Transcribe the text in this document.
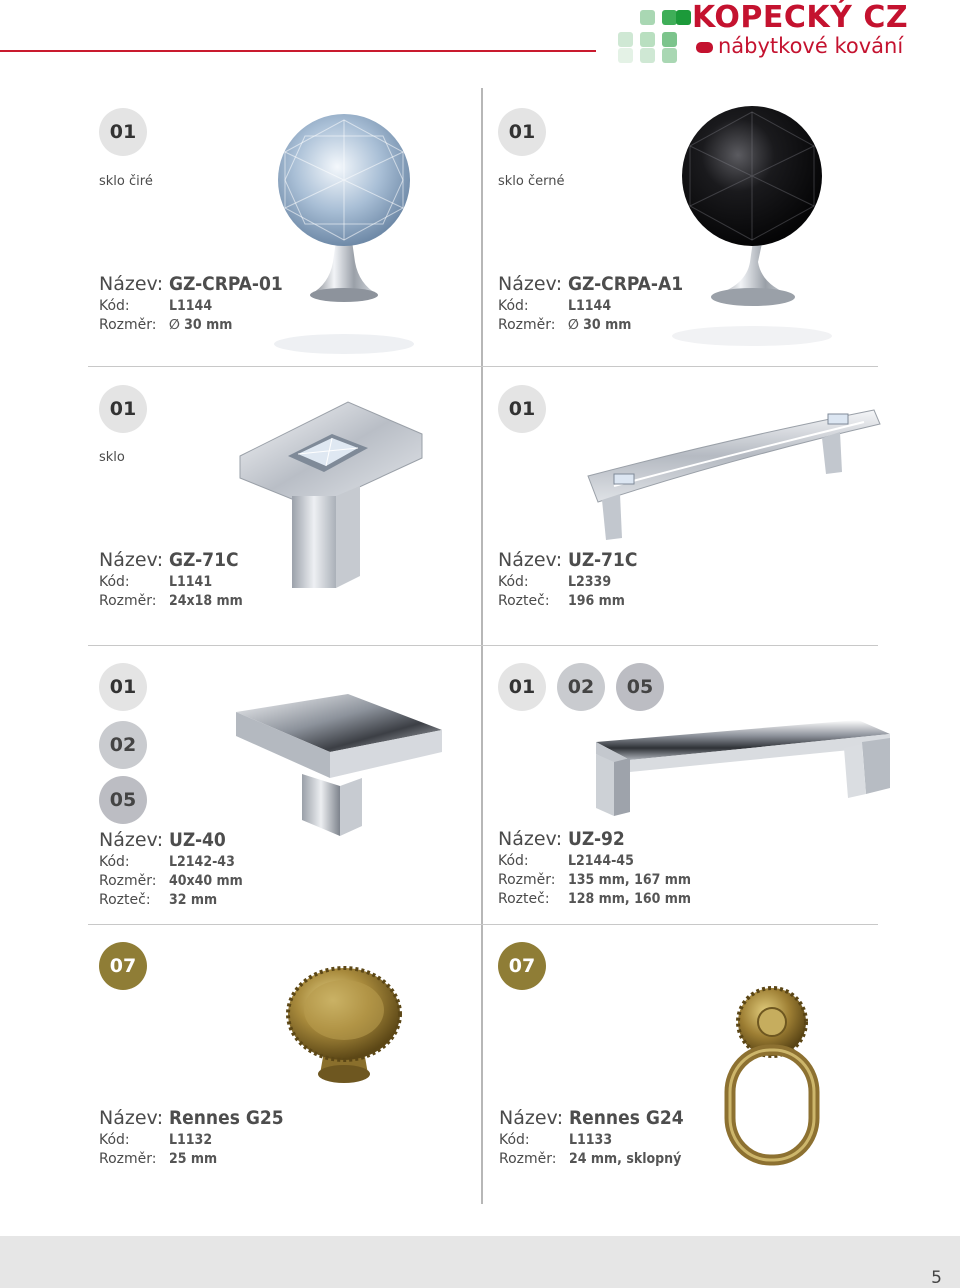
KOPECKÝ CZ
nábytkové kování
01
sklo čiré
Název: GZ-CRPA-01
Kód:	L1144
Rozměr: ∅ 30 mm
01
sklo černé
Název: GZ-CRPA-A1
Kód:	L1144
Rozměr: ∅ 30 mm
01
sklo
Název: GZ-71C
Kód:	L1141
Rozměr: 24x18 mm
01
Název: UZ-71C
Kód:	L2339
Rozteč:	196 mm
01
02
05
Název: UZ-40
Kód:	L2142-43
Rozměr: 40x40 mm
Rozteč:	32 mm
01	02	05
Název: UZ-92
Kód:	L2144-45
Rozměr: 135 mm, 167 mm
Rozteč:	128 mm, 160 mm
07
Název: Rennes G25
Kód:	L1132
Rozměr: 25 mm
07
Název: Rennes G24
Kód:	L1133
Rozměr: 24 mm, sklopný
5
